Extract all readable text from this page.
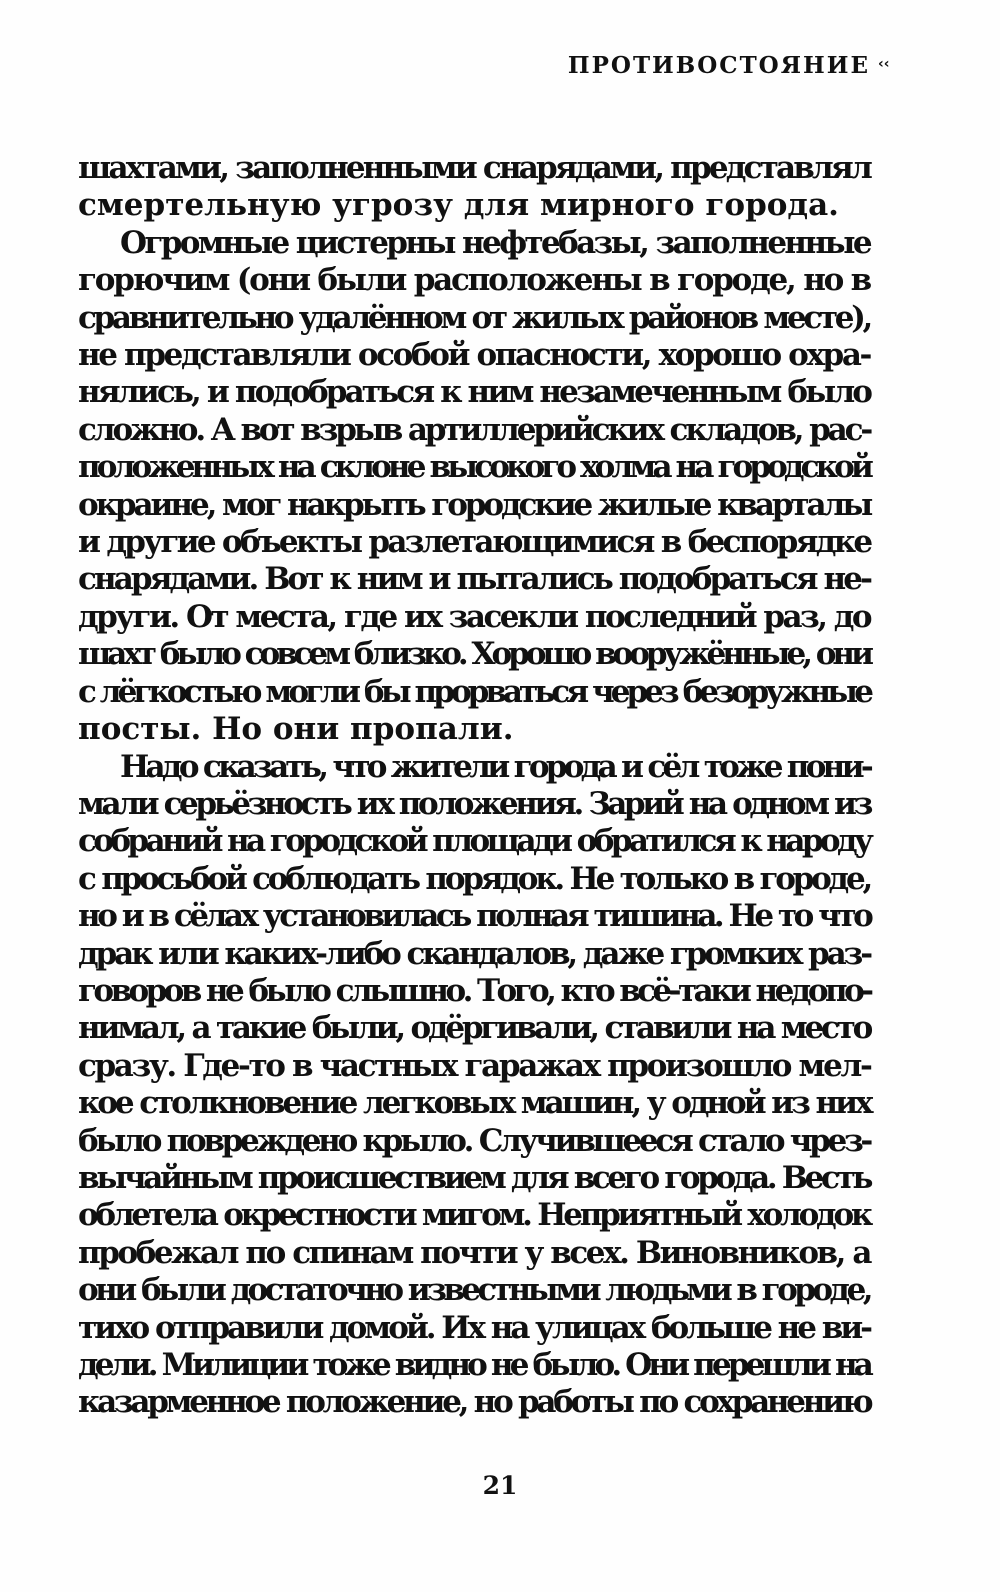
ПРОТИВОСТОЯНИЕ ‹‹
шахтами, заполненными снарядами, представлял
смертельную угрозу для мирного города.
Огромные цистерны нефтебазы, заполненные
горючим (они были расположены в городе, но в
сравнительно удалённом от жилых районов месте),
не представляли особой опасности, хорошо охра-
нялись, и подобраться к ним незамеченным было
сложно. А вот взрыв артиллерийских складов, рас-
положенных на склоне высокого холма на городской
окраине, мог накрыть городские жилые кварталы
и другие объекты разлетающимися в беспорядке
снарядами. Вот к ним и пытались подобраться не-
други. От места, где их засекли последний раз, до
шахт было совсем близко. Хорошо вооружённые, они
с лёгкостью могли бы прорваться через безоружные
посты. Но они пропали.
Надо сказать, что жители города и сёл тоже пони-
мали серьёзность их положения. Зарий на одном из
собраний на городской площади обратился к народу
с просьбой соблюдать порядок. Не только в городе,
но и в сёлах установилась полная тишина. Не то что
драк или каких-либо скандалов, даже громких раз-
говоров не было слышно. Того, кто всё-таки недопо-
нимал, а такие были, одёргивали, ставили на место
сразу. Где-то в частных гаражах произошло мел-
кое столкновение легковых машин, у одной из них
было повреждено крыло. Случившееся стало чрез-
вычайным происшествием для всего города. Весть
облетела окрестности мигом. Неприятный холодок
пробежал по спинам почти у всех. Виновников, а
они были достаточно известными людьми в городе,
тихо отправили домой. Их на улицах больше не ви-
дели. Милиции тоже видно не было. Они перешли на
казарменное положение, но работы по сохранению
21
